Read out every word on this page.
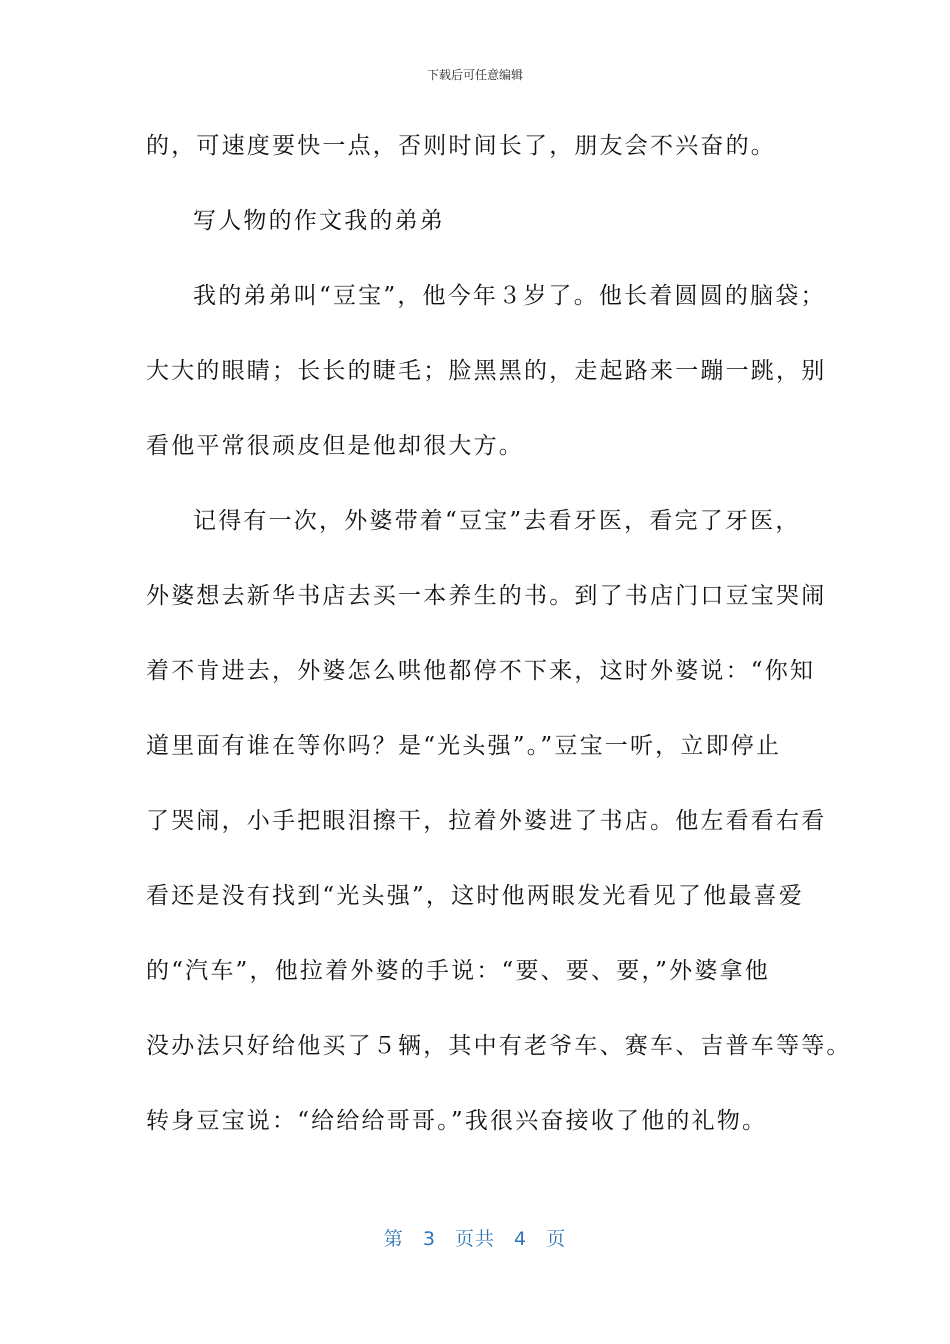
下载后可任意编辑
的，可速度要快一点，否则时间长了，朋友会不兴奋的。
写人物的作文我的弟弟
我的弟弟叫“豆宝”，他今年３岁了。他长着圆圆的脑袋；
大大的眼睛；长长的睫毛；脸黑黑的，走起路来一蹦一跳，别
看他平常很顽皮但是他却很大方。
记得有一次，外婆带着“豆宝”去看牙医，看完了牙医，
外婆想去新华书店去买一本养生的书。到了书店门口豆宝哭闹
着不肯进去，外婆怎么哄他都停不下来，这时外婆说：“你知
道里面有谁在等你吗？是“光头强”。”豆宝一听，立即停止
了哭闹，小手把眼泪擦干，拉着外婆进了书店。他左看看右看
看还是没有找到“光头强”，这时他两眼发光看见了他最喜爱
的“汽车”，他拉着外婆的手说：“要、要、要，”外婆拿他
没办法只好给他买了５辆，其中有老爷车、赛车、吉普车等等。
转身豆宝说：“给给给哥哥。”我很兴奋接收了他的礼物。
第 3 页共 4 页
